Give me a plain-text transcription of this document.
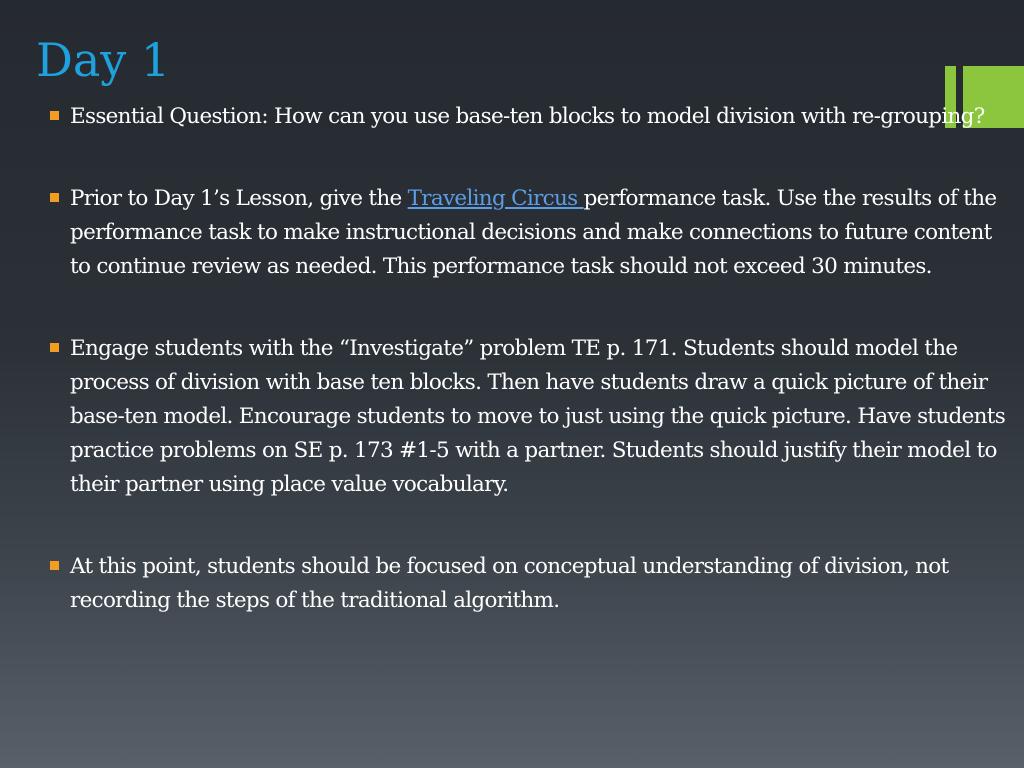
Day 1
Essential Question: How can you use base-ten blocks to model division with re-grouping?
Prior to Day 1’s Lesson, give the Traveling Circus performance task. Use the results of the performance task to make instructional decisions and make connections to future content to continue review as needed. This performance task should not exceed 30 minutes.
Engage students with the “Investigate” problem TE p. 171. Students should model the process of division with base ten blocks. Then have students draw a quick picture of their base-ten model. Encourage students to move to just using the quick picture. Have students practice problems on SE p. 173 #1-5 with a partner. Students should justify their model to their partner using place value vocabulary.
At this point, students should be focused on conceptual understanding of division, not recording the steps of the traditional algorithm.
